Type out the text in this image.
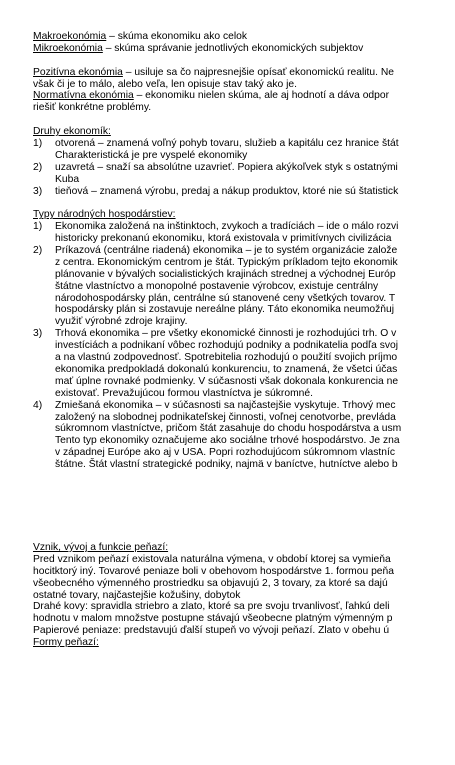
Makroekonómia – skúma ekonomiku ako celok
Mikroekonómia – skúma správanie jednotlivých ekonomických subjektov
Pozitívna ekonómia – usiluje sa čo najpresnejšie opísať ekonomickú realitu. Ne
však či je to málo, alebo veľa, len opisuje stav taký ako je.
Normatívna ekonómia – ekonomiku nielen skúma, ale aj hodnotí a dáva odpor
riešiť konkrétne problémy.
Druhy ekonomík:
1)	otvorená – znamená voľný pohyb tovaru, služieb a kapitálu cez hranice štát
Charakteristická je pre vyspelé ekonomiky
2)	uzavretá – snaží sa absolútne uzavrieť. Popiera akýkoľvek styk s ostatnými
Kuba
3)	tieňová – znamená výrobu, predaj a nákup produktov, ktoré nie sú štatistick
Typy národných hospodárstiev:
1)	Ekonomika založená na inštinktoch, zvykoch a tradíciách – ide o málo rozvi
historicky prekonanú ekonomiku, ktorá existovala v primitívnych civilizácia
2)	Príkazová (centrálne riadená) ekonomika – je to systém organizácie založe
z centra. Ekonomickým centrom je štát. Typickým príkladom tejto ekonomik
plánovanie v bývalých socialistických krajinách strednej a východnej Európ
štátne vlastníctvo a monopolné postavenie výrobcov, existuje centrálny
národohospodársky plán, centrálne sú stanovené ceny všetkých tovarov. T
hospodársky plán si zostavuje nereálne plány. Táto ekonomika neumožňuj
využiť výrobné zdroje krajiny.
3)	Trhová ekonomika – pre všetky ekonomické činnosti je rozhodujúci trh. O v
investíciách a podnikaní vôbec rozhodujú podniky a podnikatelia podľa svoj
a na vlastnú zodpovednosť. Spotrebitelia rozhodujú o použití svojich príjmo
ekonomika predpokladá dokonalú konkurenciu, to znamená, že všetci účas
mať úplne rovnaké podmienky. V súčasnosti však dokonala konkurencia ne
existovať. Prevažujúcou formou vlastníctva je súkromné.
4)	Zmiešaná ekonomika – v súčasnosti sa najčastejšie vyskytuje. Trhový mec
založený na slobodnej podnikateľskej činnosti, voľnej cenotvorbe, prevláda
súkromnom vlastníctve, pričom štát zasahuje do chodu hospodárstva a usm
Tento typ ekonomiky označujeme ako sociálne trhové hospodárstvo. Je zna
v západnej Európe ako aj v USA. Popri rozhodujúcom súkromnom vlastníc
štátne. Štát vlastní strategické podniky, najmä v baníctve, hutníctve alebo b
Vznik, vývoj a funkcie peňazí:
Pred vznikom peňazí existovala naturálna výmena, v období ktorej sa vymieňa
hocitktorý iný. Tovarové peniaze boli v obehovom hospodárstve 1. formou peňa
všeobecného výmenného prostriedku sa objavujú 2, 3 tovary, za ktoré sa dajú
ostatné tovary, najčastejšie kožušiny, dobytok
Drahé kovy: spravidla striebro a zlato, ktoré sa pre svoju trvanlivosť, ľahkú deli
hodnotu v malom množstve postupne stávajú všeobecne platným výmenným p
Papierové peniaze: predstavujú ďalší stupeň vo vývoji peňazí. Zlato v obehu ú
Formy peňazí:
